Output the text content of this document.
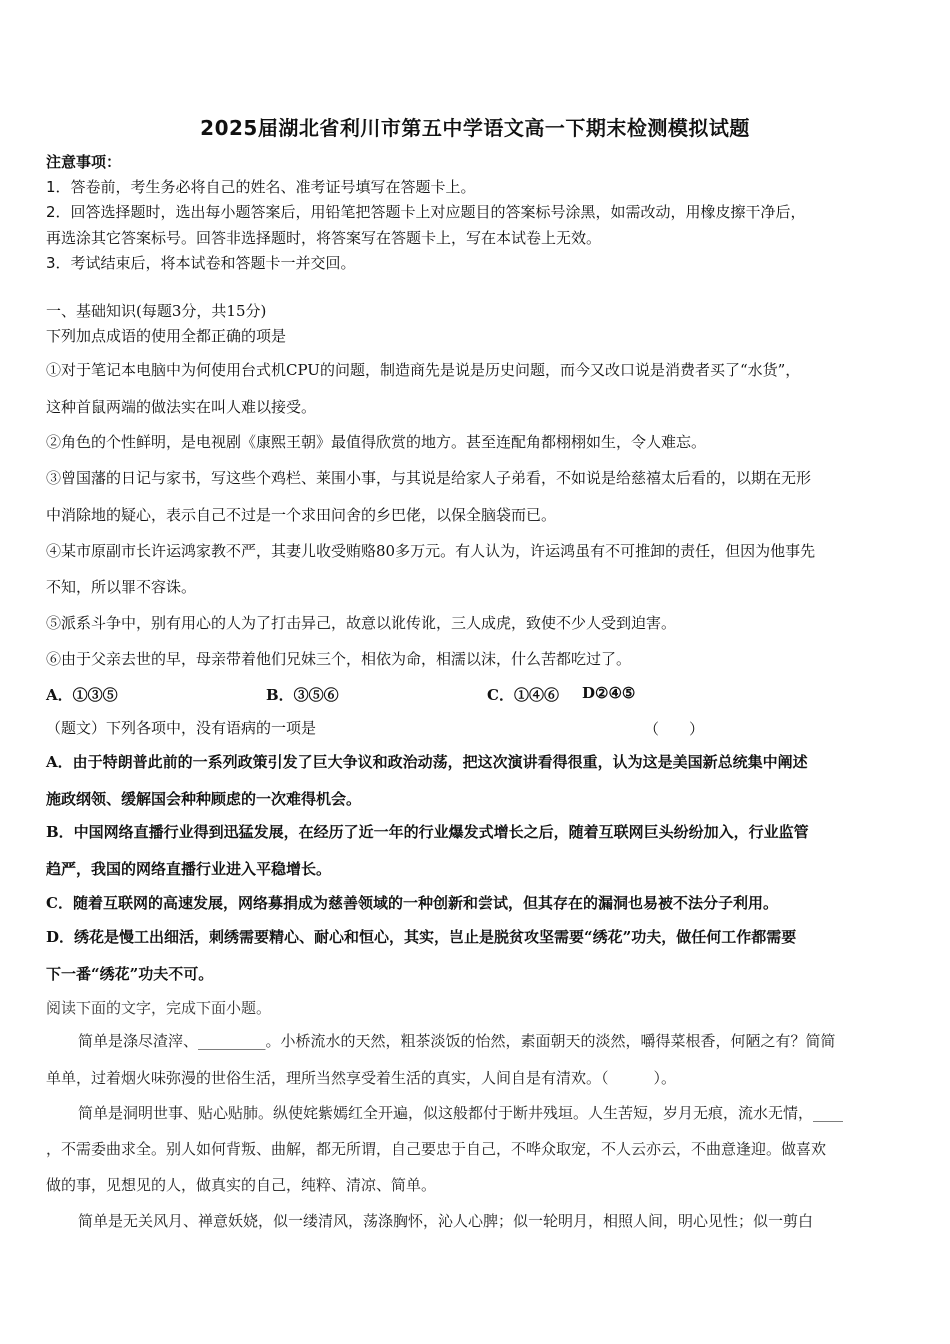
2025届湖北省利川市第五中学语文高一下期末检测模拟试题
注意事项：
1．答卷前，考生务必将自己的姓名、准考证号填写在答题卡上。
2．回答选择题时，选出每小题答案后，用铅笔把答题卡上对应题目的答案标号涂黑，如需改动，用橡皮擦干净后，
再选涂其它答案标号。回答非选择题时，将答案写在答题卡上，写在本试卷上无效。
3．考试结束后，将本试卷和答题卡一并交回。
一、基础知识(每题3分，共15分)
下列加点成语的使用全都正确的项是
①对于笔记本电脑中为何使用台式机CPU的问题，制造商先是说是历史问题，而今又改口说是消费者买了“水货”，
这种首鼠两端的做法实在叫人难以接受。
②角色的个性鲜明，是电视剧《康熙王朝》最值得欣赏的地方。甚至连配角都栩栩如生，令人难忘。
③曾国藩的日记与家书，写这些个鸡栏、莱围小事，与其说是给家人子弟看，不如说是给慈禧太后看的，以期在无形
中消除地的疑心，表示自己不过是一个求田问舍的乡巴佬，以保全脑袋而已。
④某市原副市长许运鸿家教不严，其妻儿收受贿赂80多万元。有人认为，许运鸿虽有不可推卸的责任，但因为他事先
不知，所以罪不容诛。
⑤派系斗争中，别有用心的人为了打击异己，故意以讹传讹，三人成虎，致使不少人受到迫害。
⑥由于父亲去世的早，母亲带着他们兄妹三个，相依为命，相濡以沫，什么苦都吃过了。
A．①③⑤	B．③⑤⑥	C．①④⑥ D②④⑤
（题文）下列各项中，没有语病的一项是	（　　）
A．由于特朗普此前的一系列政策引发了巨大争议和政治动荡，把这次演讲看得很重，认为这是美国新总统集中阐述
施政纲领、缓解国会种种顾虑的一次难得机会。
B．中国网络直播行业得到迅猛发展，在经历了近一年的行业爆发式增长之后，随着互联网巨头纷纷加入，行业监管
趋严，我国的网络直播行业进入平稳增长。
C．随着互联网的高速发展，网络募捐成为慈善领域的一种创新和尝试，但其存在的漏洞也易被不法分子利用。
D．绣花是慢工出细活，刺绣需要精心、耐心和恒心，其实，岂止是脱贫攻坚需要“绣花”功夫，做任何工作都需要
下一番“绣花”功夫不可。
阅读下面的文字，完成下面小题。
简单是涤尽渣滓、_________。小桥流水的天然，粗茶淡饭的怡然，素面朝天的淡然，嚼得菜根香，何陋之有？简简
单单，过着烟火味弥漫的世俗生活，理所当然享受着生活的真实，人间自是有清欢。（　　　）。
简单是洞明世事、贴心贴肺。纵使姹紫嫣红全开遍，似这般都付于断井残垣。人生苦短，岁月无痕，流水无情，____
，不需委曲求全。别人如何背叛、曲解，都无所谓，自己要忠于自己，不哗众取宠，不人云亦云，不曲意逢迎。做喜欢
做的事，见想见的人，做真实的自己，纯粹、清凉、简单。
简单是无关风月、禅意妖娆，似一缕清风，荡涤胸怀，沁人心脾；似一轮明月，相照人间，明心见性；似一剪白
